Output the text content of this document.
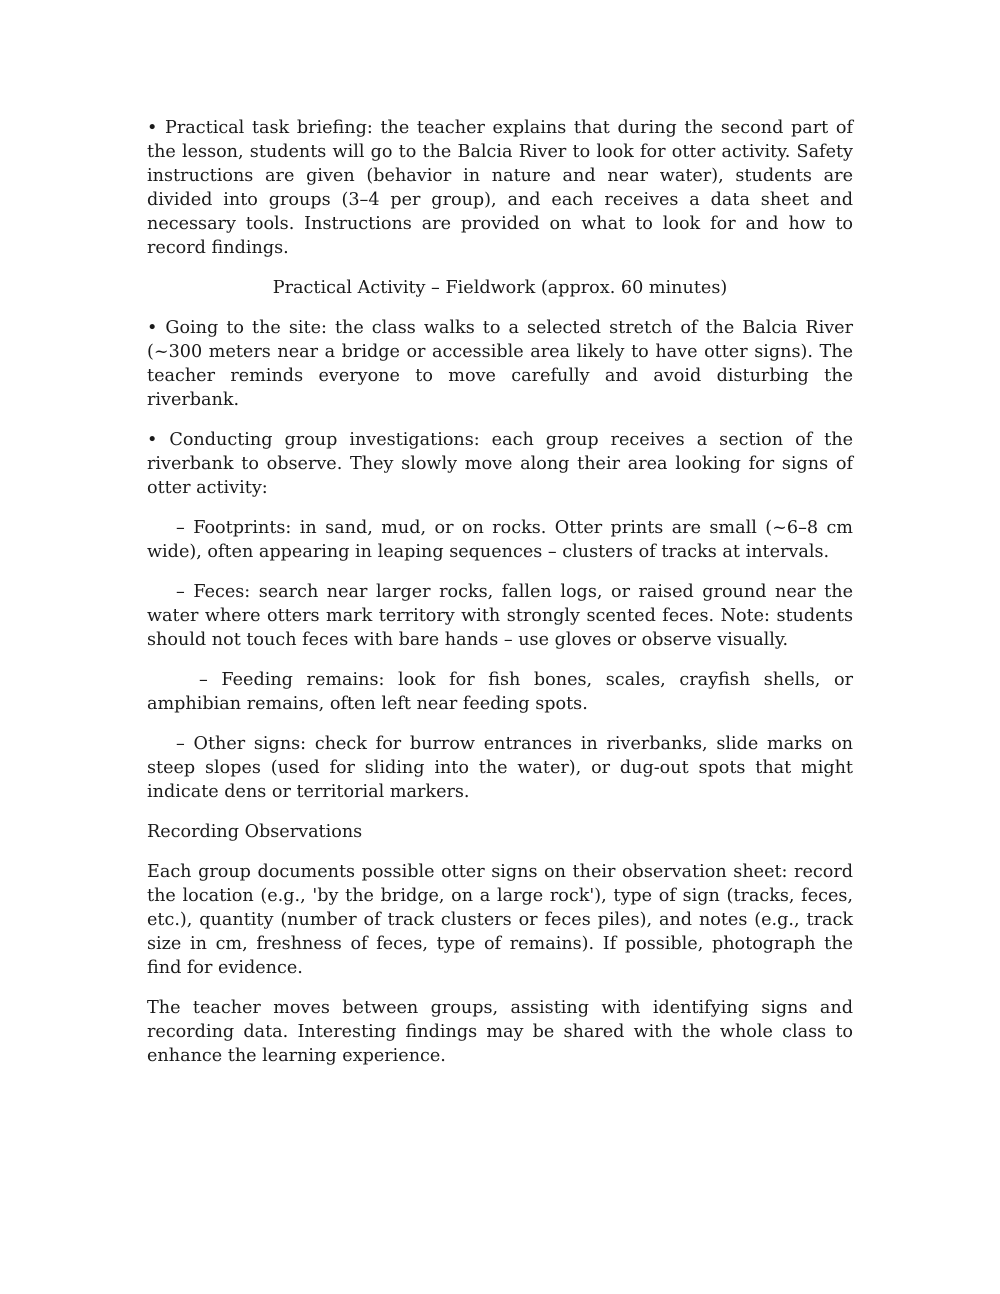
• Practical task briefing: the teacher explains that during the second part of the lesson, students will go to the Balcia River to look for otter activity. Safety instructions are given (behavior in nature and near water), students are divided into groups (3–4 per group), and each receives a data sheet and necessary tools. Instructions are provided on what to look for and how to record findings.

Practical Activity – Fieldwork (approx. 60 minutes)

• Going to the site: the class walks to a selected stretch of the Balcia River (~300 meters near a bridge or accessible area likely to have otter signs). The teacher reminds everyone to move carefully and avoid disturbing the riverbank.

• Conducting group investigations: each group receives a section of the riverbank to observe. They slowly move along their area looking for signs of otter activity:

– Footprints: in sand, mud, or on rocks. Otter prints are small (~6–8 cm wide), often appearing in leaping sequences – clusters of tracks at intervals.

– Feces: search near larger rocks, fallen logs, or raised ground near the water where otters mark territory with strongly scented feces. Note: students should not touch feces with bare hands – use gloves or observe visually.

– Feeding remains: look for fish bones, scales, crayfish shells, or amphibian remains, often left near feeding spots.

– Other signs: check for burrow entrances in riverbanks, slide marks on steep slopes (used for sliding into the water), or dug-out spots that might indicate dens or territorial markers.

Recording Observations

Each group documents possible otter signs on their observation sheet: record the location (e.g., 'by the bridge, on a large rock'), type of sign (tracks, feces, etc.), quantity (number of track clusters or feces piles), and notes (e.g., track size in cm, freshness of feces, type of remains). If possible, photograph the find for evidence.

The teacher moves between groups, assisting with identifying signs and recording data. Interesting findings may be shared with the whole class to enhance the learning experience.
